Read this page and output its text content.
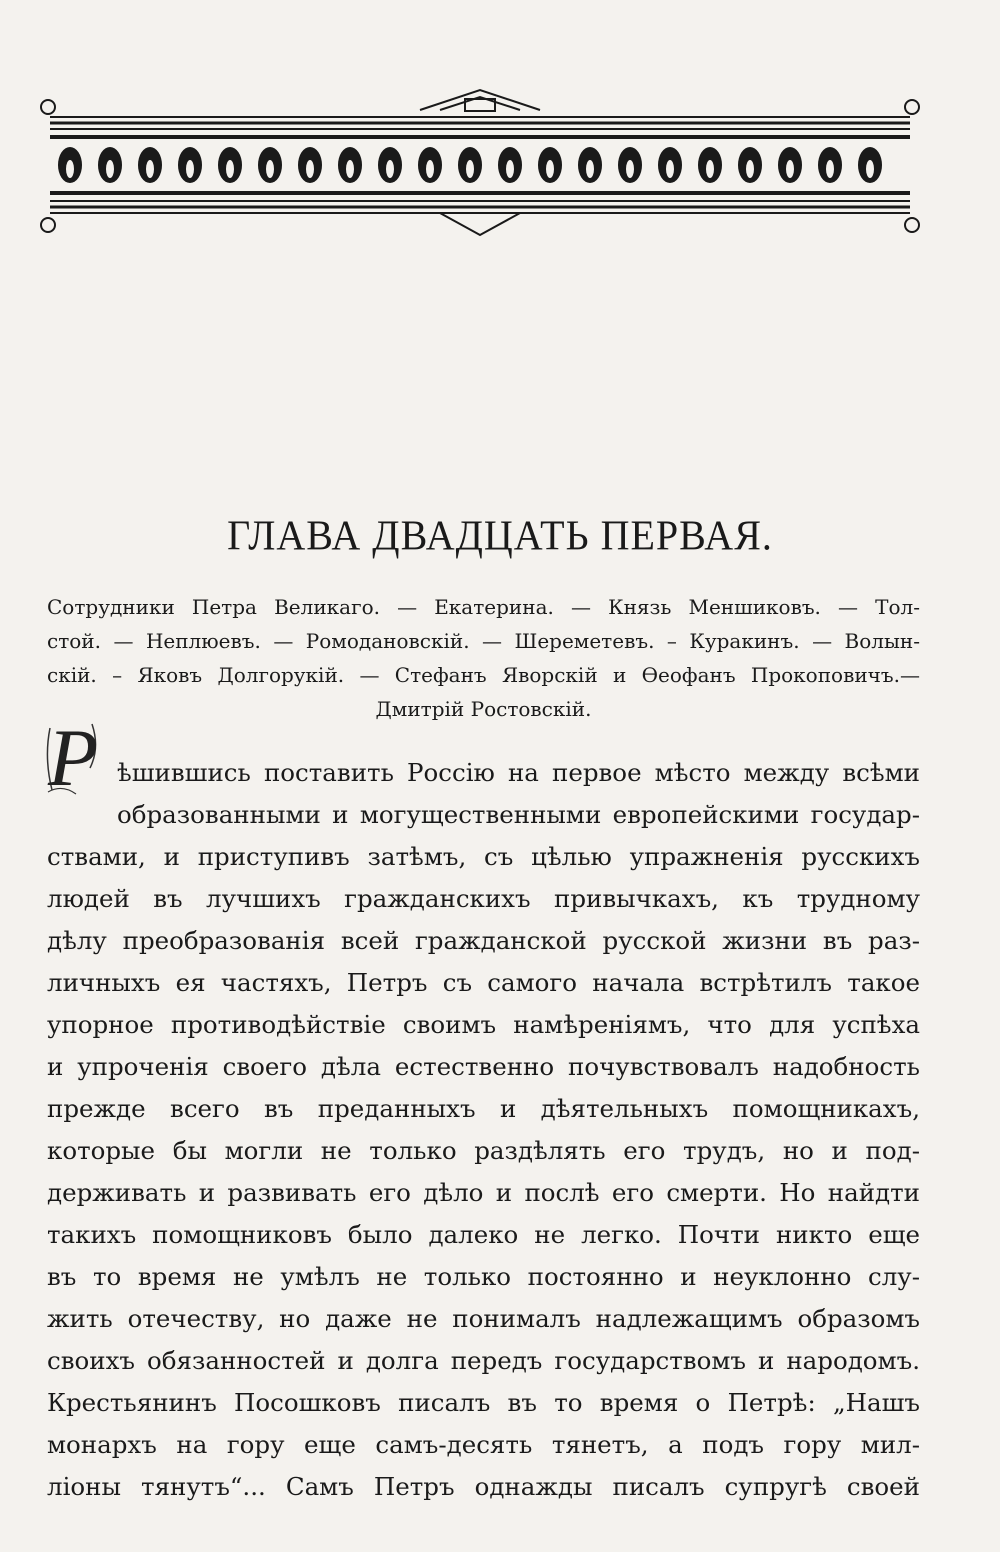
ГЛАВА ДВАДЦАТЬ ПЕРВАЯ.
Сотрудники Петра Великаго. — Екатерина. — Князь Меншиковъ. — Тол-
стой. — Неплюевъ. — Ромодановскій. — Шереметевъ. – Куракинъ. — Волын-
скій. – Яковъ Долгорукій. — Стефанъ Яворскій и Ѳеофанъ Прокоповичъ.—
Дмитрій Ростовскій.
Р ѣшившись поставить Россію на первое мѣсто между всѣми
образованными и могущественными европейскими государ-
ствами, и приступивъ затѣмъ, съ цѣлью упражненія русскихъ
людей въ лучшихъ гражданскихъ привычкахъ, къ трудному
дѣлу преобразованія всей гражданской русской жизни въ раз-
личныхъ ея частяхъ, Петръ съ самого начала встрѣтилъ такое
упорное противодѣйствіе своимъ намѣреніямъ, что для успѣха
и упроченія своего дѣла естественно почувствовалъ надобность
прежде всего въ преданныхъ и дѣятельныхъ помощникахъ,
которые бы могли не только раздѣлять его трудъ, но и под-
держивать и развивать его дѣло и послѣ его смерти. Но найдти
такихъ помощниковъ было далеко не легко. Почти никто еще
въ то время не умѣлъ не только постоянно и неуклонно слу-
жить отечеству, но даже не понималъ надлежащимъ образомъ
своихъ обязанностей и долга передъ государствомъ и народомъ.
Крестьянинъ Посошковъ писалъ въ то время о Петрѣ: „Нашъ
монархъ на гору еще самъ-десять тянетъ, а подъ гору мил-
ліоны тянутъ“... Самъ Петръ однажды писалъ супругѣ своей
